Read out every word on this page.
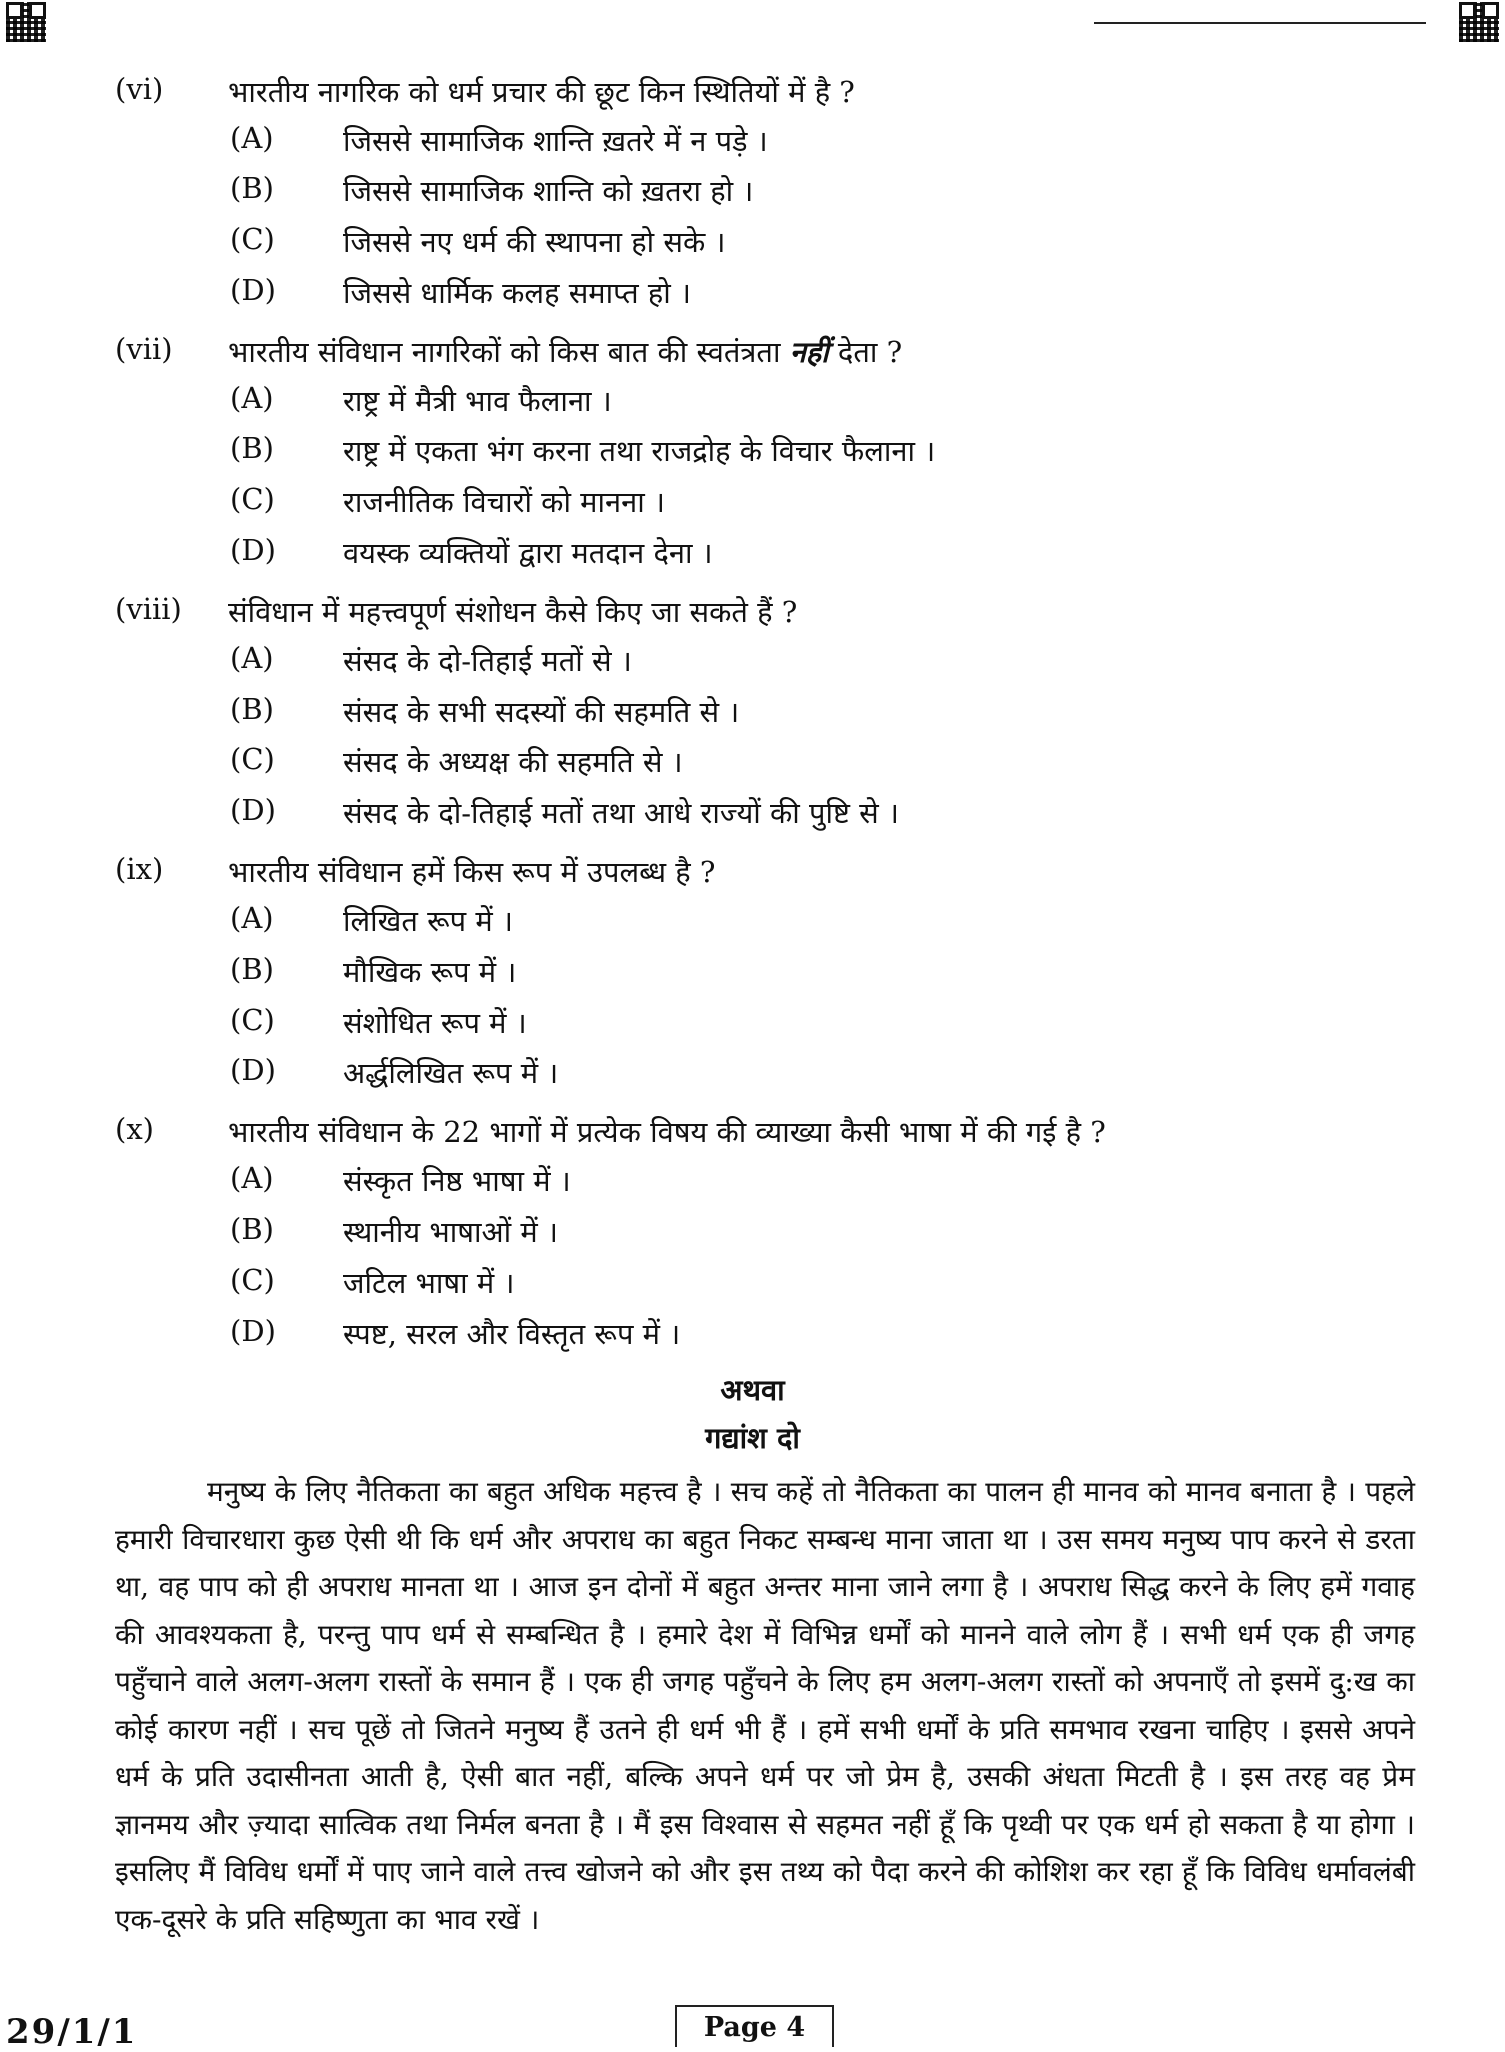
(vi) भारतीय नागरिक को धर्म प्रचार की छूट किन स्थितियों में है ?
(A) जिससे सामाजिक शान्ति ख़तरे में न पड़े ।
(B) जिससे सामाजिक शान्ति को ख़तरा हो ।
(C) जिससे नए धर्म की स्थापना हो सके ।
(D) जिससे धार्मिक कलह समाप्त हो ।
(vii) भारतीय संविधान नागरिकों को किस बात की स्वतंत्रता नहीं देता ?
(A) राष्ट्र में मैत्री भाव फैलाना ।
(B) राष्ट्र में एकता भंग करना तथा राजद्रोह के विचार फैलाना ।
(C) राजनीतिक विचारों को मानना ।
(D) वयस्क व्यक्तियों द्वारा मतदान देना ।
(viii) संविधान में महत्त्वपूर्ण संशोधन कैसे किए जा सकते हैं ?
(A) संसद के दो-तिहाई मतों से ।
(B) संसद के सभी सदस्यों की सहमति से ।
(C) संसद के अध्यक्ष की सहमति से ।
(D) संसद के दो-तिहाई मतों तथा आधे राज्यों की पुष्टि से ।
(ix) भारतीय संविधान हमें किस रूप में उपलब्ध है ?
(A) लिखित रूप में ।
(B) मौखिक रूप में ।
(C) संशोधित रूप में ।
(D) अर्द्धलिखित रूप में ।
(x)	भारतीय संविधान के 22 भागों में प्रत्येक विषय की व्याख्या कैसी भाषा में की गई है ?
(A) संस्कृत निष्ठ भाषा में ।
(B) स्थानीय भाषाओं में ।
(C) जटिल भाषा में ।
(D) स्पष्ट, सरल और विस्तृत रूप में ।
अथवा
गद्यांश दो

मनुष्य के लिए नैतिकता का बहुत अधिक महत्त्व है । सच कहें तो नैतिकता का पालन ही मानव को मानव बनाता है । पहले हमारी विचारधारा कुछ ऐसी थी कि धर्म और अपराध का बहुत निकट सम्बन्ध माना जाता था । उस समय मनुष्य पाप करने से डरता था, वह पाप को ही अपराध मानता था । आज इन दोनों में बहुत अन्तर माना जाने लगा है । अपराध सिद्ध करने के लिए हमें गवाह की आवश्यकता है, परन्तु पाप धर्म से सम्बन्धित है । हमारे देश में विभिन्न धर्मों को मानने वाले लोग हैं । सभी धर्म एक ही जगह पहुँचाने वाले अलग-अलग रास्तों के समान हैं । एक ही जगह पहुँचने के लिए हम अलग-अलग रास्तों को अपनाएँ तो इसमें दु:ख का कोई कारण नहीं । सच पूछें तो जितने मनुष्य हैं उतने ही धर्म भी हैं । हमें सभी धर्मों के प्रति समभाव रखना चाहिए । इससे अपने धर्म के प्रति उदासीनता आती है, ऐसी बात नहीं, बल्कि अपने धर्म पर जो प्रेम है, उसकी अंधता मिटती है । इस तरह वह प्रेम ज्ञानमय और ज़्यादा सात्विक तथा निर्मल बनता है । मैं इस विश्वास से सहमत नहीं हूँ कि पृथ्वी पर एक धर्म हो सकता है या होगा । इसलिए मैं विविध धर्मों में पाए जाने वाले तत्त्व खोजने को और इस तथ्य को पैदा करने की कोशिश कर रहा हूँ कि विविध धर्मावलंबी एक-दूसरे के प्रति सहिष्णुता का भाव रखें ।

29/1/1	Page 4
